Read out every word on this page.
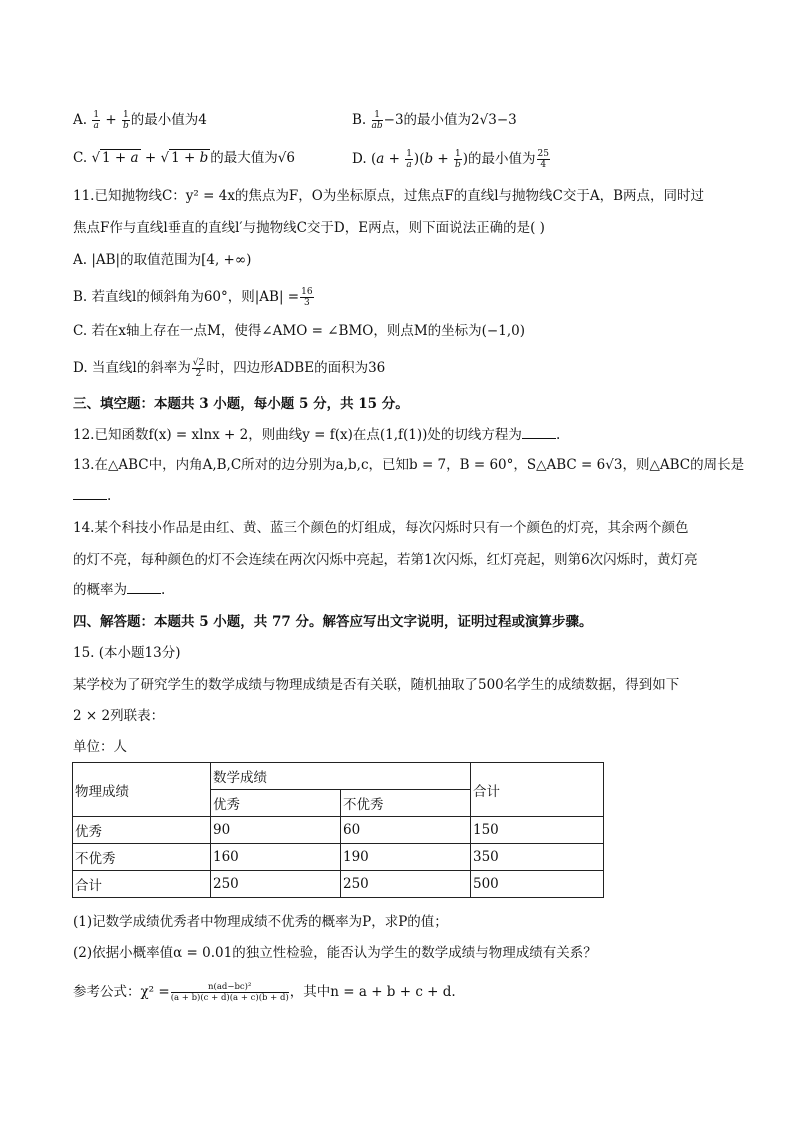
A. $\frac{1}{a} + \frac{1}{b}$ 的最小值为4	B. $\frac{1}{ab} -3$的最小值为2√3−3
C. √ 1 + a + √ 1 + b 的最大值为√6	D. $(a + \frac{1}{a} )(b + \frac{1}{b}$ )的最小值为 $\frac{25}{4}$
11.已知抛物线C：y² = 4x的焦点为F，O为坐标原点，过焦点F的直线l与抛物线C交于A，B两点，同时过
焦点F作与直线l垂直的直线l′与抛物线C交于D，E两点，则下面说法正确的是( )
A. |AB|的取值范围为[4, +∞)
B. 若直线l的倾斜角为60°，则$|AB| = \frac{16}{3}$
C. 若在x轴上存在一点M，使得∠AMO = ∠BMO，则点M的坐标为(−1,0)
D. 当直线l的斜率为 $\frac{√2}{2}$ 时，四边形ADBE的面积为36
三、填空题：本题共 3 小题，每小题 5 分，共 15 分。
12.已知函数f(x) = xlnx + 2，则曲线y = f(x)在点(1,f(1))处的切线方程为	.
13.在△ABC中，内角A,B,C所对的边分别为a,b,c，已知b = 7，B = 60°，S△ABC = 6√3，则△ABC的周长是
.
14.某个科技小作品是由红、黄、蓝三个颜色的灯组成，每次闪烁时只有一个颜色的灯亮，其余两个颜色
的灯不亮，每种颜色的灯不会连续在两次闪烁中亮起，若第1次闪烁，红灯亮起，则第6次闪烁时，黄灯亮
的概率为	.
四、解答题：本题共 5 小题，共 77 分。解答应写出文字说明，证明过程或演算步骤。
15. (本小题13分)
某学校为了研究学生的数学成绩与物理成绩是否有关联，随机抽取了500名学生的成绩数据，得到如下
2 × 2列联表：
单位：人
物理成绩	数学成绩		合计
	优秀	不优秀	
优秀	90	60	150
不优秀	160	190	350
合计	250	250	500
(1)记数学成绩优秀者中物理成绩不优秀的概率为P，求P的值；
(2)依据小概率值α = 0.01的独立性检验，能否认为学生的数学成绩与物理成绩有关系？
参考公式：$\chi^2 = \frac{\text{n(ad−bc)²}}{(a + b)(c + d)(a + c)(b + d)}$ ，其中n = a + b + c + d.
